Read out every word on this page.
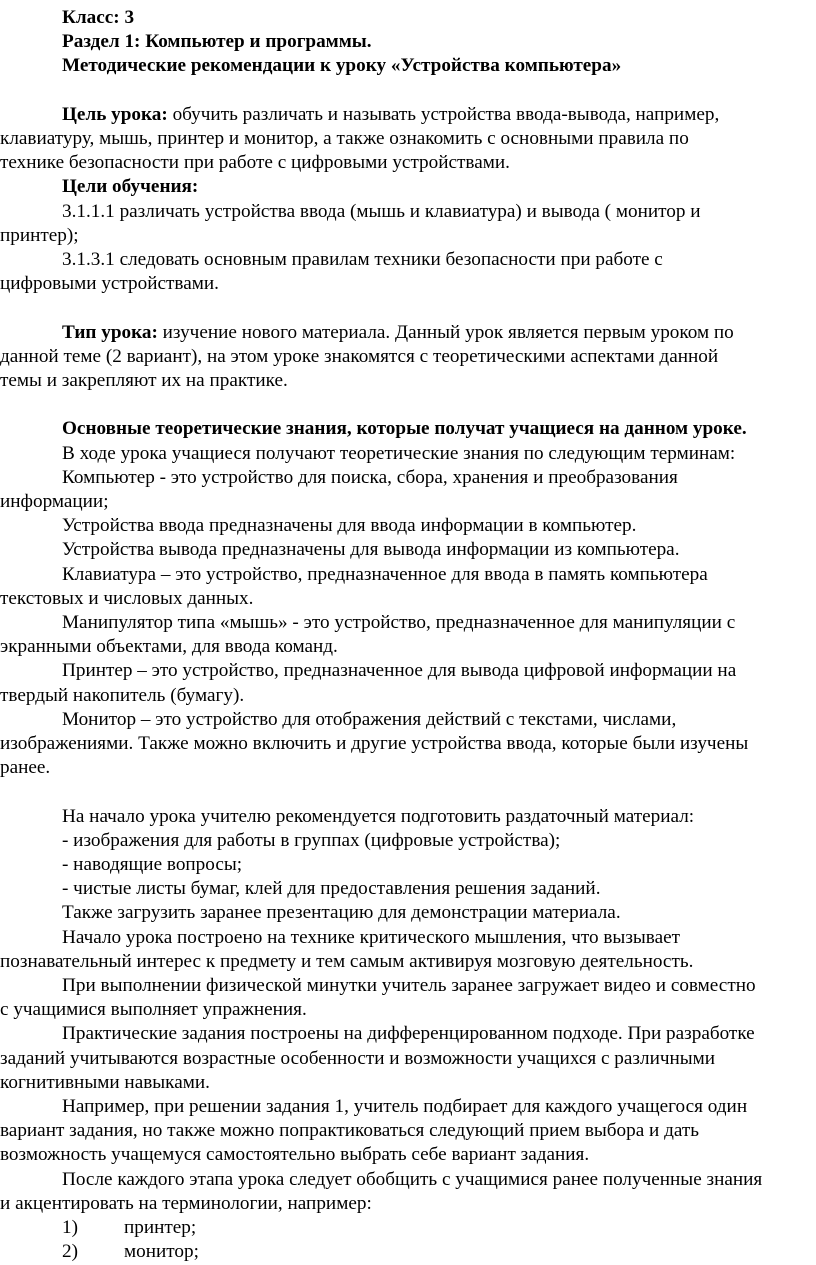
Класс: 3

Раздел 1: Компьютер и программы.

Методические рекомендации к уроку «Устройства компьютера»

Цель урока: обучить различать и называть устройства ввода-вывода, например,

клавиатуру, мышь, принтер и монитор, а также ознакомить с основными правила по

технике безопасности при работе с цифровыми устройствами.

Цели обучения:

3.1.1.1 различать устройства ввода (мышь и клавиатура) и вывода ( монитор и

принтер);

3.1.3.1 следовать основным правилам техники безопасности при работе с

цифровыми устройствами.

Тип урока: изучение нового материала. Данный урок является первым уроком по

данной теме (2 вариант), на этом уроке знакомятся с теоретическими аспектами данной

темы и закрепляют их на практике.

Основные теоретические знания, которые получат учащиеся на данном уроке.

В ходе урока учащиеся получают теоретические знания по следующим терминам:

Компьютер - это устройство для поиска, сбора, хранения и преобразования

информации;

Устройства ввода предназначены для ввода информации в компьютер.

Устройства вывода предназначены для вывода информации из компьютера.

Клавиатура – это устройство, предназначенное для ввода в память компьютера

текстовых и числовых данных.

Манипулятор типа «мышь» - это устройство, предназначенное для манипуляции с

экранными объектами, для ввода команд.

Принтер – это устройство, предназначенное для вывода цифровой информации на

твердый накопитель (бумагу).

Монитор – это устройство для отображения действий с текстами, числами,

изображениями. Также можно включить и другие устройства ввода, которые были изучены

ранее.

На начало урока учителю рекомендуется подготовить раздаточный материал:

- изображения для работы в группах (цифровые устройства);

- наводящие вопросы;

- чистые листы бумаг, клей для предоставления решения заданий.

Также загрузить заранее презентацию для демонстрации материала.

Начало урока построено на технике критического мышления, что вызывает

познавательный интерес к предмету и тем самым активируя мозговую деятельность.

При выполнении физической минутки учитель заранее загружает видео и совместно

с учащимися выполняет упражнения.

Практические задания построены на дифференцированном подходе. При разработке

заданий учитываются возрастные особенности и возможности учащихся с различными

когнитивными навыками.

Например, при решении задания 1, учитель подбирает для каждого учащегося один

вариант задания, но также можно попрактиковаться следующий прием выбора и дать

возможность учащемуся самостоятельно выбрать себе вариант задания.

После каждого этапа урока следует обобщить с учащимися ранее полученные знания

и акцентировать на терминологии, например:

1)	принтер;
2)	монитор;
